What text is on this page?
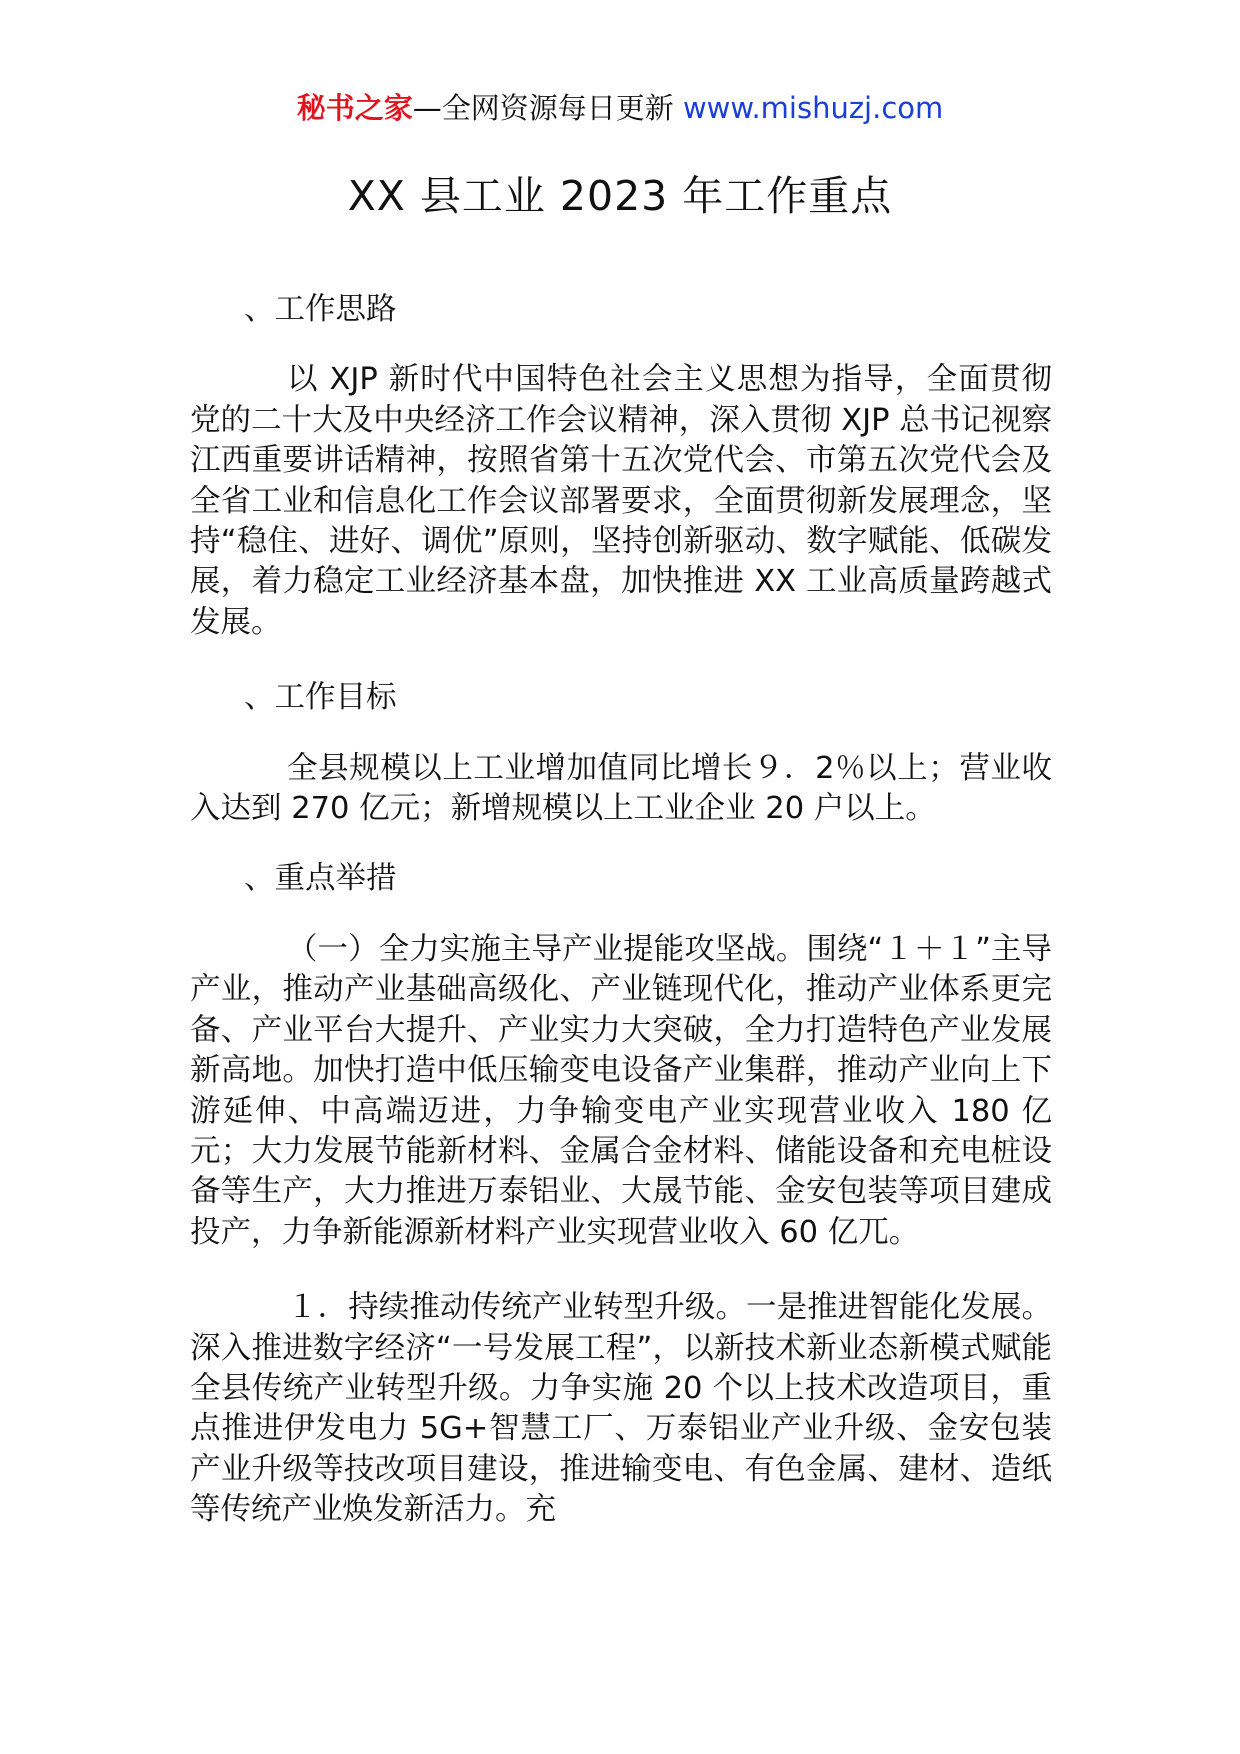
秘书之家—全网资源每日更新 www.mishuzj.com
XX 县工业 2023 年工作重点

、工作思路

以 XJP 新时代中国特色社会主义思想为指导，全面贯彻党的二十大及中央经济工作会议精神，深入贯彻 XJP 总书记视察江西重要讲话精神，按照省第十五次党代会、市第五次党代会及全省工业和信息化工作会议部署要求，全面贯彻新发展理念，坚持“稳住、进好、调优”原则，坚持创新驱动、数字赋能、低碳发展，着力稳定工业经济基本盘，加快推进 XX 工业高质量跨越式发展。

、工作目标

全县规模以上工业增加值同比增长９．2％以上；营业收入达到 270 亿元；新增规模以上工业企业 20 户以上。

、重点举措

（一）全力实施主导产业提能攻坚战。围绕“１＋１”主导产业，推动产业基础高级化、产业链现代化，推动产业体系更完备、产业平台大提升、产业实力大突破，全力打造特色产业发展新高地。加快打造中低压输变电设备产业集群，推动产业向上下游延伸、中高端迈进，力争输变电产业实现营业收入 180 亿元；大力发展节能新材料、金属合金材料、储能设备和充电桩设备等生产，大力推进万泰铝业、大晟节能、金安包装等项目建成投产，力争新能源新材料产业实现营业收入 60 亿兀。

１．持续推动传统产业转型升级。一是推进智能化发展。深入推进数字经济“一号发展工程”，以新技术新业态新模式赋能全县传统产业转型升级。力争实施 20 个以上技术改造项目，重点推进伊发电力 5G+智慧工厂、万泰铝业产业升级、金安包装产业升级等技改项目建设，推进输变电、有色金属、建材、造纸等传统产业焕发新活力。充
